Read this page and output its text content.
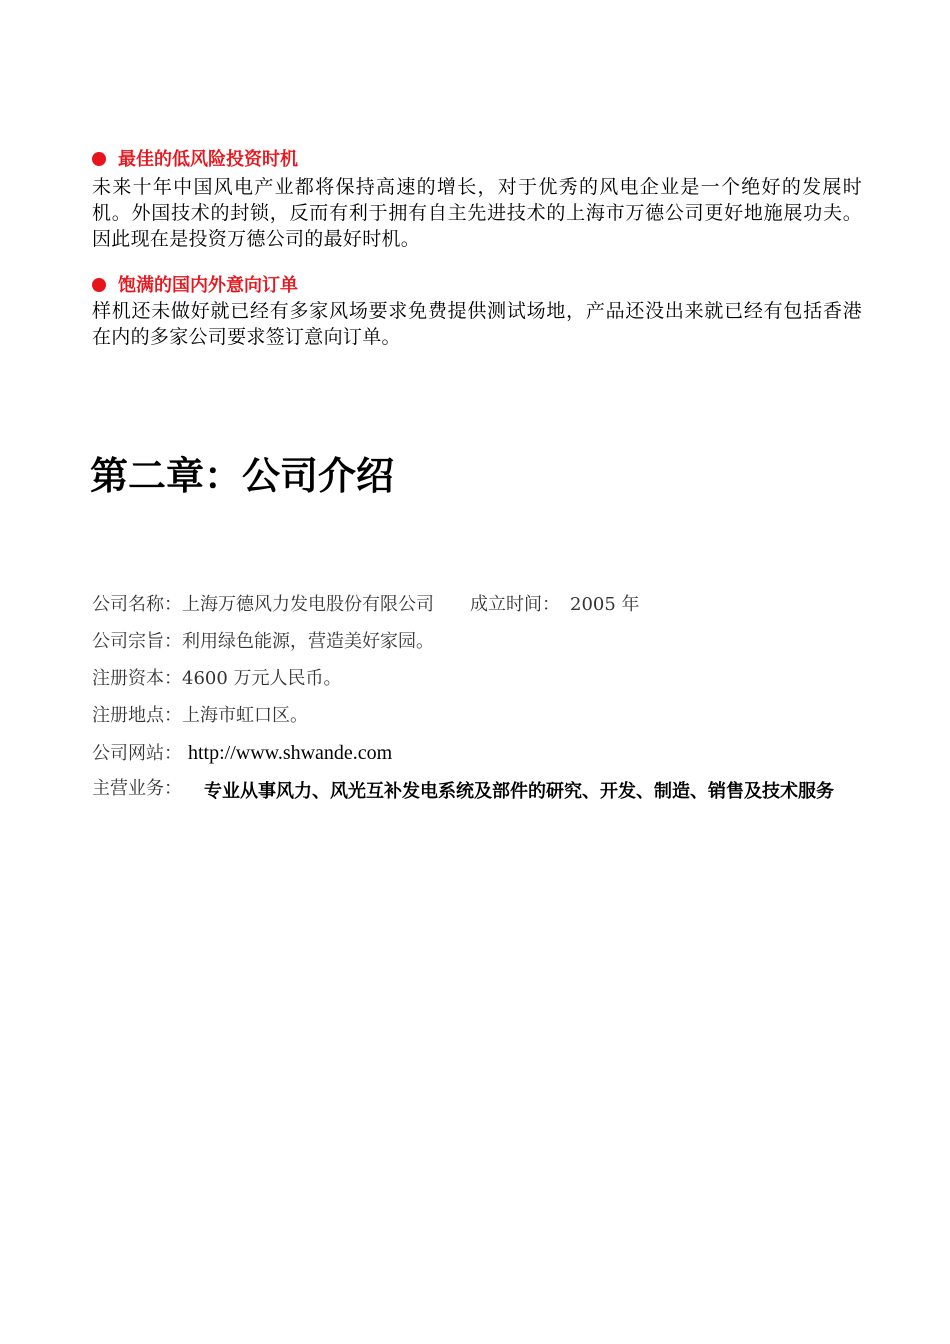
最佳的低风险投资时机
未来十年中国风电产业都将保持高速的增长，对于优秀的风电企业是一个绝好的发展时机。外国技术的封锁，反而有利于拥有自主先进技术的上海市万德公司更好地施展功夫。因此现在是投资万德公司的最好时机。
饱满的国内外意向订单
样机还未做好就已经有多家风场要求免费提供测试场地，产品还没出来就已经有包括香港在内的多家公司要求签订意向订单。
第二章：公司介绍
公司名称：上海万德风力发电股份有限公司 成立时间： 2005 年
公司宗旨：利用绿色能源，营造美好家园。
注册资本：4600 万元人民币。
注册地点：上海市虹口区。
公司网站： http://www.shwande.com
主营业务： 专业从事风力、风光互补发电系统及部件的研究、开发、制造、销售及技术服务
